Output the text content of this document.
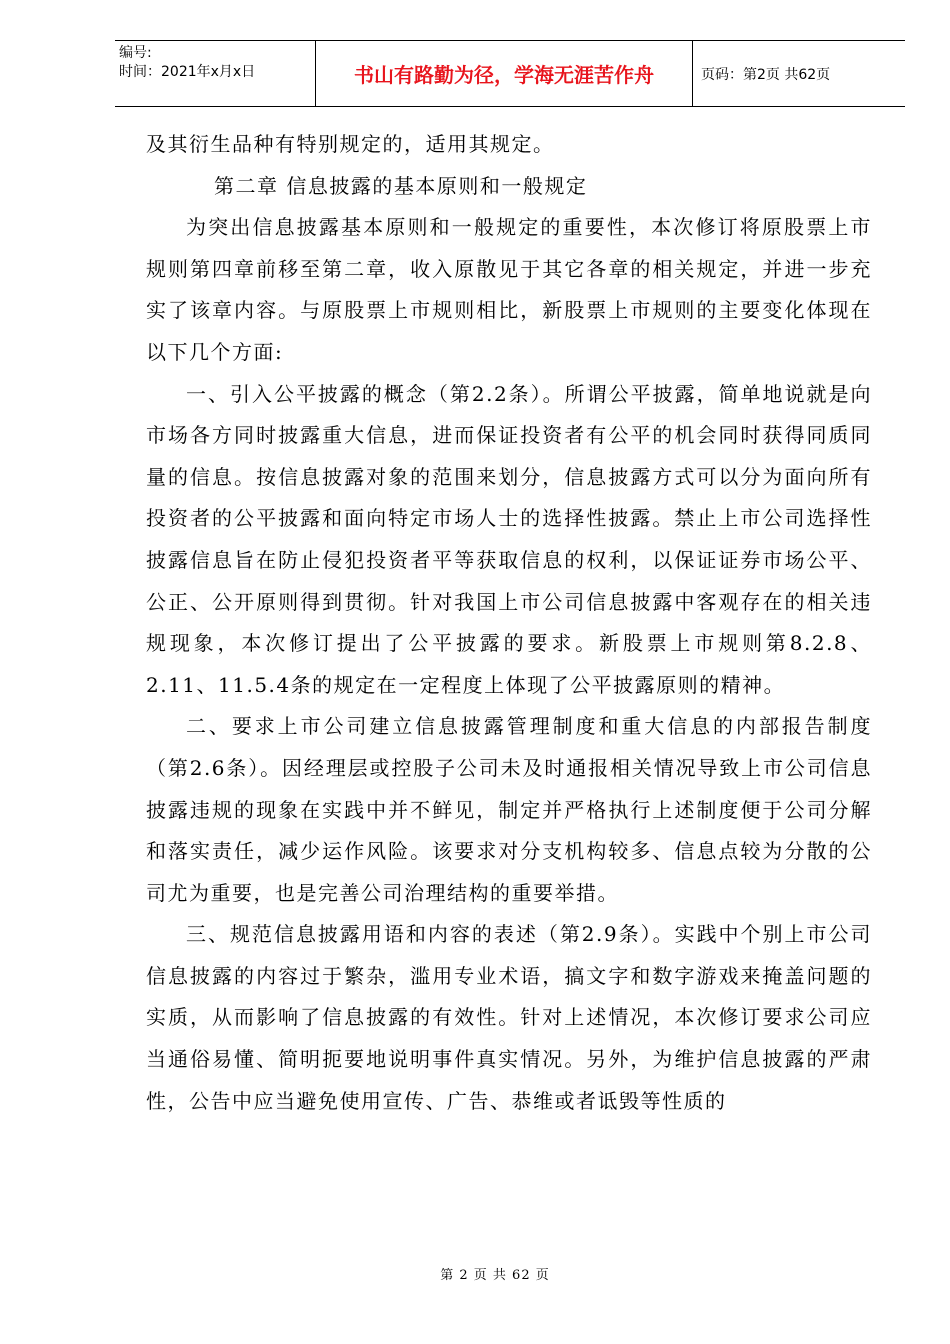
编号:
时间：2021年x月x日	书山有路勤为径，学海无涯苦作舟	页码：第2页 共62页

及其衍生品种有特别规定的，适用其规定。

第二章 信息披露的基本原则和一般规定

为突出信息披露基本原则和一般规定的重要性，本次修订将原股票上市规则第四章前移至第二章，收入原散见于其它各章的相关规定，并进一步充实了该章内容。与原股票上市规则相比，新股票上市规则的主要变化体现在以下几个方面:

一、引入公平披露的概念（第2.2条）。所谓公平披露，简单地说就是向市场各方同时披露重大信息，进而保证投资者有公平的机会同时获得同质同量的信息。按信息披露对象的范围来划分，信息披露方式可以分为面向所有投资者的公平披露和面向特定市场人士的选择性披露。禁止上市公司选择性披露信息旨在防止侵犯投资者平等获取信息的权利，以保证证券市场公平、公正、公开原则得到贯彻。针对我国上市公司信息披露中客观存在的相关违规现象，本次修订提出了公平披露的要求。新股票上市规则第8.2.8、2.11、11.5.4条的规定在一定程度上体现了公平披露原则的精神。

二、要求上市公司建立信息披露管理制度和重大信息的内部报告制度（第2.6条）。因经理层或控股子公司未及时通报相关情况导致上市公司信息披露违规的现象在实践中并不鲜见，制定并严格执行上述制度便于公司分解和落实责任，减少运作风险。该要求对分支机构较多、信息点较为分散的公司尤为重要，也是完善公司治理结构的重要举措。

三、规范信息披露用语和内容的表述（第2.9条）。实践中个别上市公司信息披露的内容过于繁杂，滥用专业术语，搞文字和数字游戏来掩盖问题的实质，从而影响了信息披露的有效性。针对上述情况，本次修订要求公司应当通俗易懂、简明扼要地说明事件真实情况。另外，为维护信息披露的严肃性，公告中应当避免使用宣传、广告、恭维或者诋毁等性质的

第 2 页 共 62 页
